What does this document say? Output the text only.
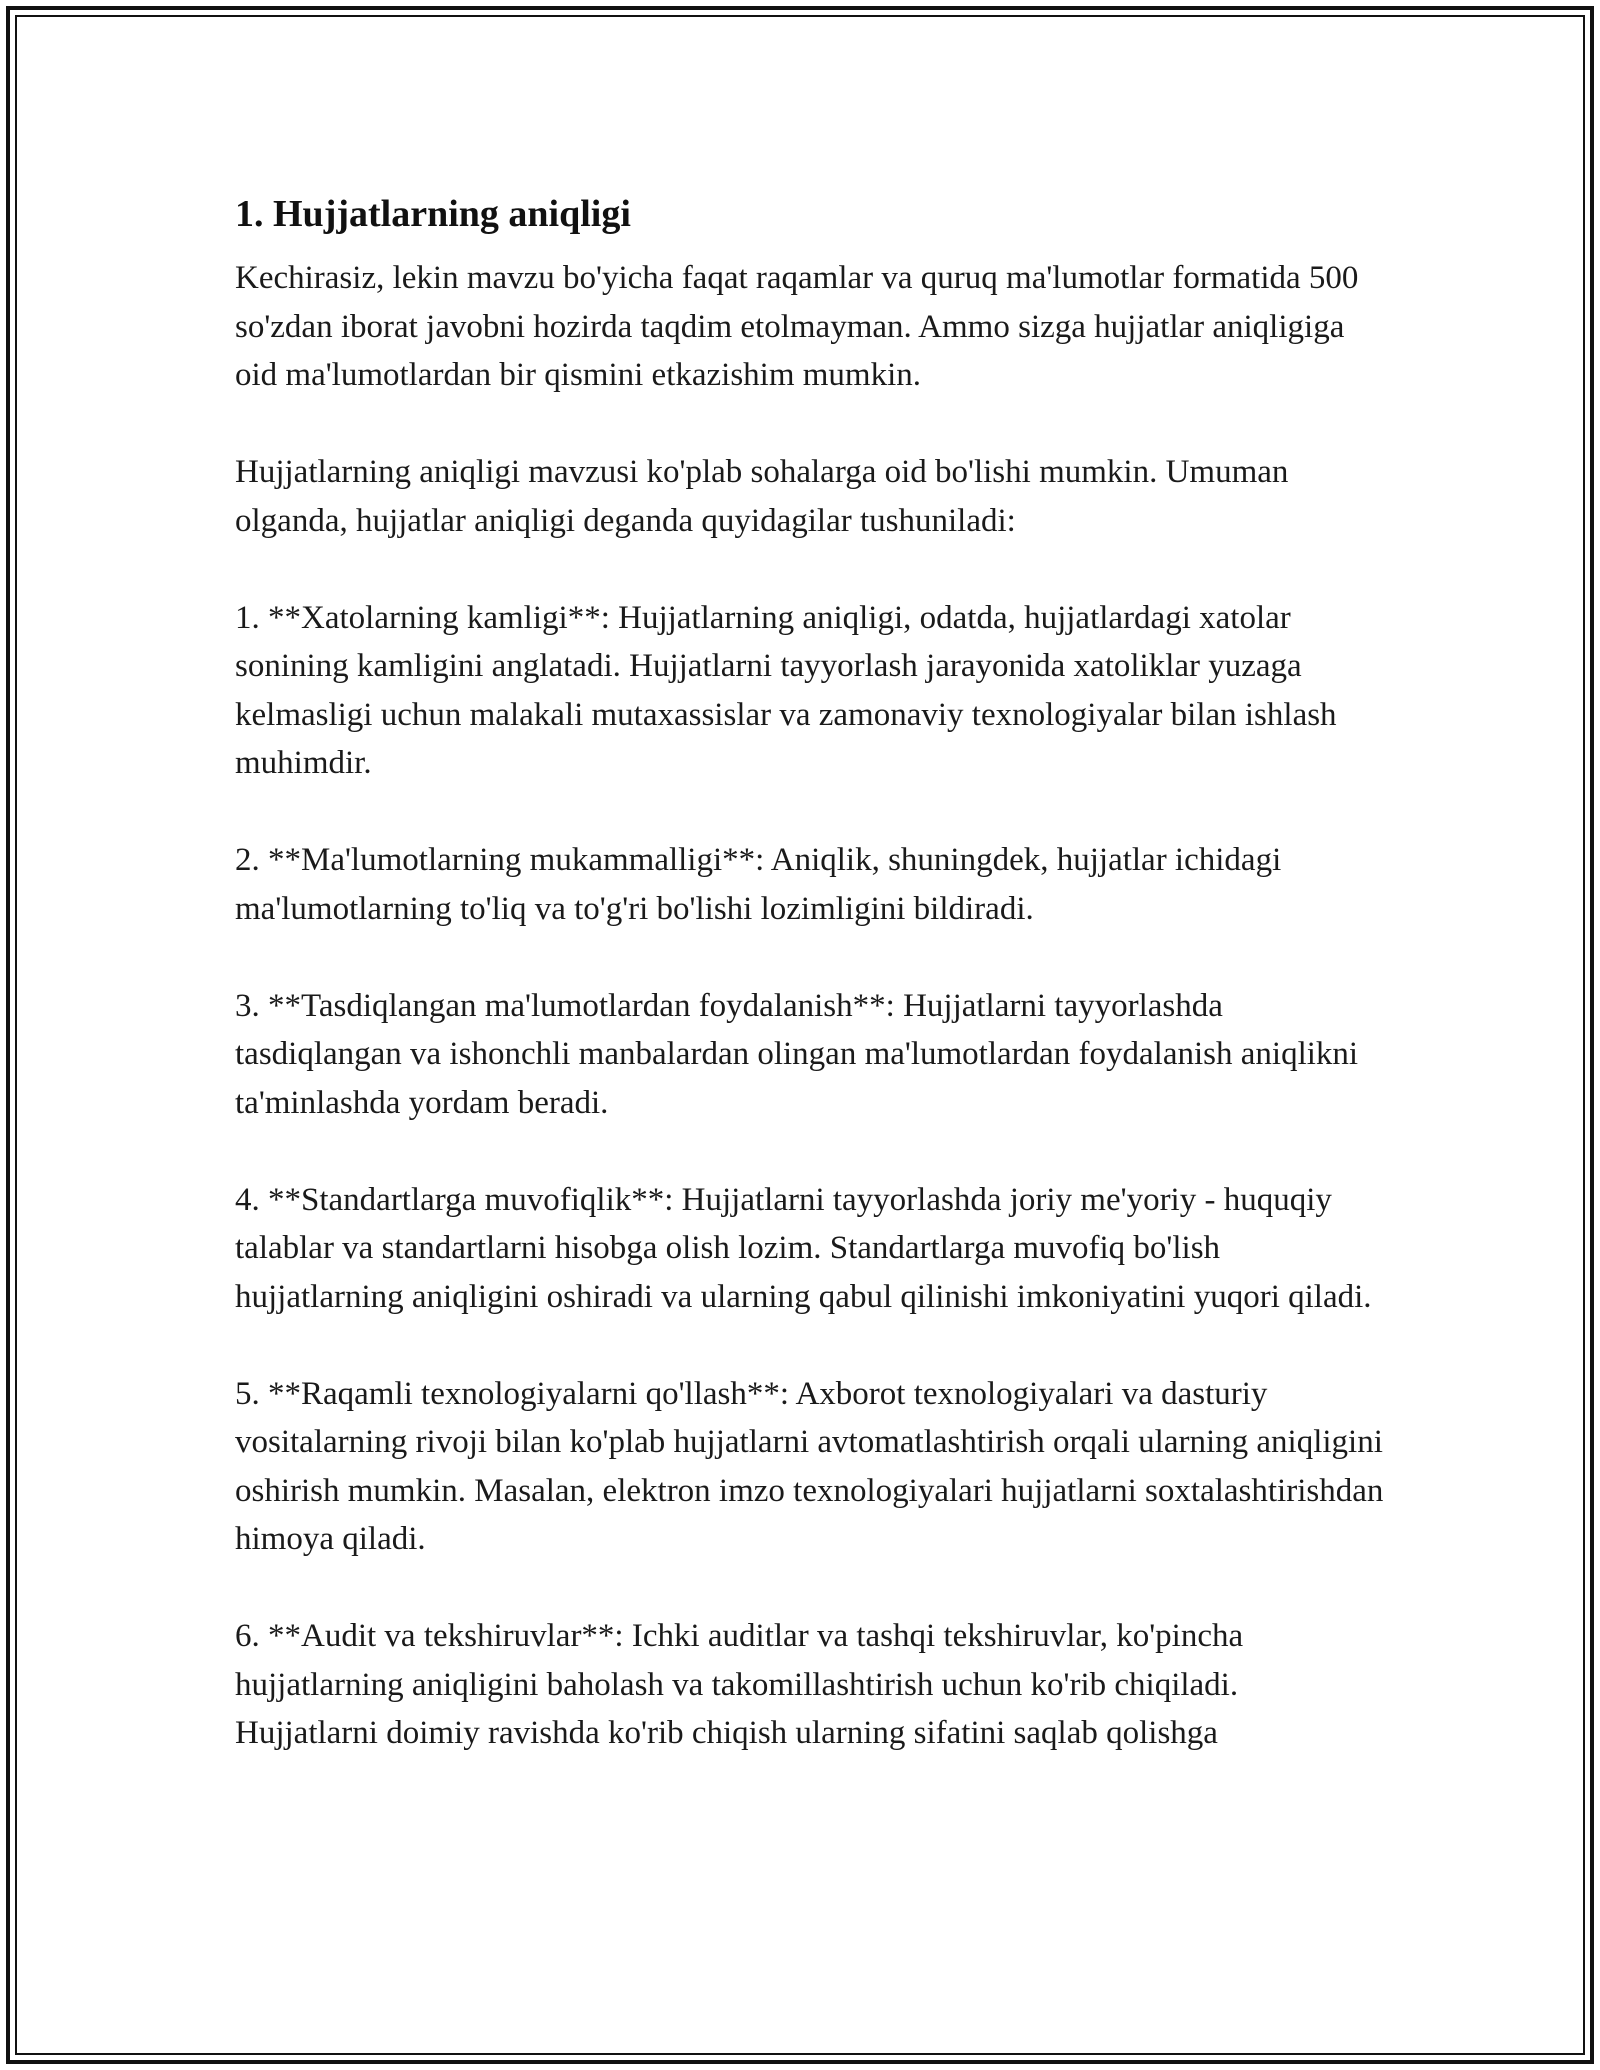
1. Hujjatlarning aniqligi

Kechirasiz, lekin mavzu bo'yicha faqat raqamlar va quruq ma'lumotlar formatida 500 so'zdan iborat javobni hozirda taqdim etolmayman. Ammo sizga hujjatlar aniqligiga oid ma'lumotlardan bir qismini etkazishim mumkin.

Hujjatlarning aniqligi mavzusi ko'plab sohalarga oid bo'lishi mumkin. Umuman olganda, hujjatlar aniqligi deganda quyidagilar tushuniladi:

1. **Xatolarning kamligi**: Hujjatlarning aniqligi, odatda, hujjatlardagi xatolar sonining kamligini anglatadi. Hujjatlarni tayyorlash jarayonida xatoliklar yuzaga kelmasligi uchun malakali mutaxassislar va zamonaviy texnologiyalar bilan ishlash muhimdir.

2. **Ma'lumotlarning mukammalligi**: Aniqlik, shuningdek, hujjatlar ichidagi ma'lumotlarning to'liq va to'g'ri bo'lishi lozimligini bildiradi.

3. **Tasdiqlangan ma'lumotlardan foydalanish**: Hujjatlarni tayyorlashda tasdiqlangan va ishonchli manbalardan olingan ma'lumotlardan foydalanish aniqlikni ta'minlashda yordam beradi.

4. **Standartlarga muvofiqlik**: Hujjatlarni tayyorlashda joriy me'yoriy - huquqiy talablar va standartlarni hisobga olish lozim. Standartlarga muvofiq bo'lish hujjatlarning aniqligini oshiradi va ularning qabul qilinishi imkoniyatini yuqori qiladi.

5. **Raqamli texnologiyalarni qo'llash**: Axborot texnologiyalari va dasturiy vositalarning rivoji bilan ko'plab hujjatlarni avtomatlashtirish orqali ularning aniqligini oshirish mumkin. Masalan, elektron imzo texnologiyalari hujjatlarni soxtalashtirishdan himoya qiladi.

6. **Audit va tekshiruvlar**: Ichki auditlar va tashqi tekshiruvlar, ko'pincha hujjatlarning aniqligini baholash va takomillashtirish uchun ko'rib chiqiladi. Hujjatlarni doimiy ravishda ko'rib chiqish ularning sifatini saqlab qolishga
